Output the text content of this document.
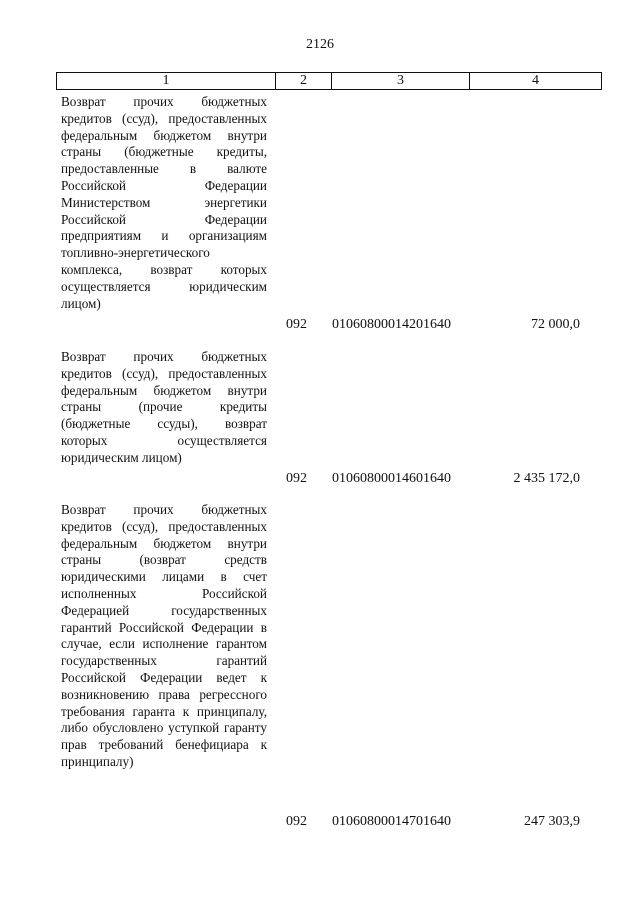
2126
1	2	3	4
Возврат прочих бюджетных кредитов (ссуд), предоставленных федеральным бюджетом внутри страны (бюджетные кредиты, предоставленные в валюте Российской Федерации Министерством энергетики Российской Федерации предприятиям и организациям топливно-энергетического комплекса, возврат которых осуществляется юридическим лицом)
092 01060800014201640	72 000,0
Возврат прочих бюджетных кредитов (ссуд), предоставленных федеральным бюджетом внутри страны (прочие кредиты (бюджетные ссуды), возврат которых осуществляется юридическим лицом)
092 01060800014601640	2 435 172,0
Возврат прочих бюджетных кредитов (ссуд), предоставленных федеральным бюджетом внутри страны (возврат средств юридическими лицами в счет исполненных Российской Федерацией государственных гарантий Российской Федерации в случае, если исполнение гарантом государственных гарантий Российской Федерации ведет к возникновению права регрессного требования гаранта к принципалу, либо обусловлено уступкой гаранту прав требований бенефициара к принципалу)
092 01060800014701640	247 303,9
